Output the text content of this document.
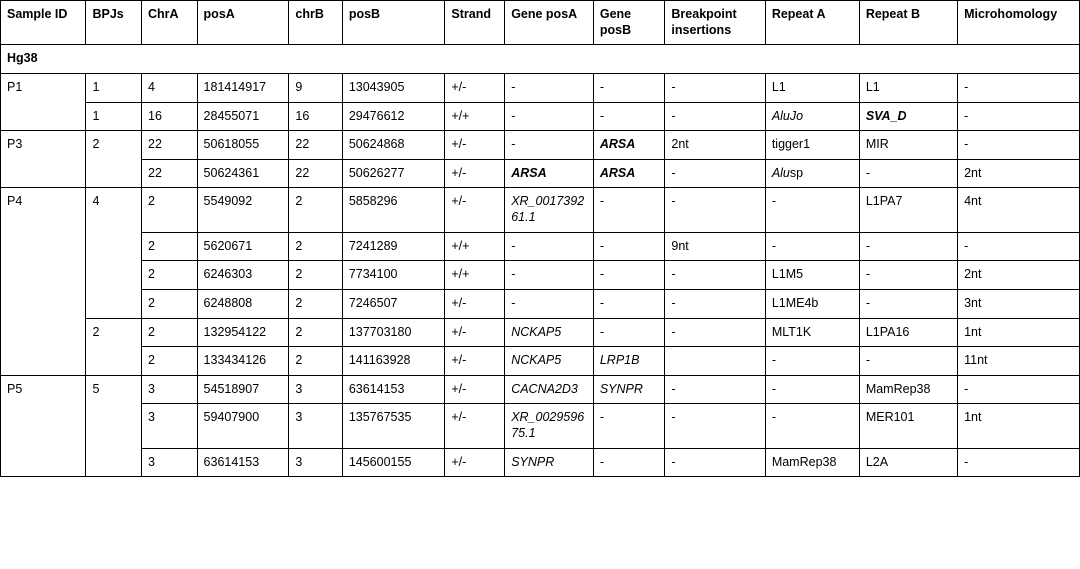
Sample ID	BPJs	ChrA	posA	chrB	posB	Strand	Gene posA	Gene posB	Breakpoint insertions	Repeat A	Repeat B	Microhomology
Hg38												
P1	1	4	181414917	9	13043905	+/-	-	-	-	L1	L1	-
	1	16	28455071	16	29476612	+/+	-	-	-	AluJo	SVA_D	-
P3	2	22	50618055	22	50624868	+/-	-	ARSA	2nt	tigger1	MIR	-
		22	50624361	22	50626277	+/-	ARSA	ARSA	-	Alusp	-	2nt
P4	4	2	5549092	2	5858296	+/-	XR_001739261.1	-	-	-	L1PA7	4nt
		2	5620671	2	7241289	+/+	-	-	9nt	-	-	-
		2	6246303	2	7734100	+/+	-	-	-	L1M5	-	2nt
		2	6248808	2	7246507	+/-	-	-	-	L1ME4b	-	3nt
	2	2	132954122	2	137703180	+/-	NCKAP5	-	-	MLT1K	L1PA16	1nt
		2	133434126	2	141163928	+/-	NCKAP5	LRP1B		-	-	11nt
P5	5	3	54518907	3	63614153	+/-	CACNA2D3	SYNPR	-	-	MamRep38	-
		3	59407900	3	135767535	+/-	XR_002959675.1	-	-	-	MER101	1nt
		3	63614153	3	145600155	+/-	SYNPR	-	-	MamRep38	L2A	-
